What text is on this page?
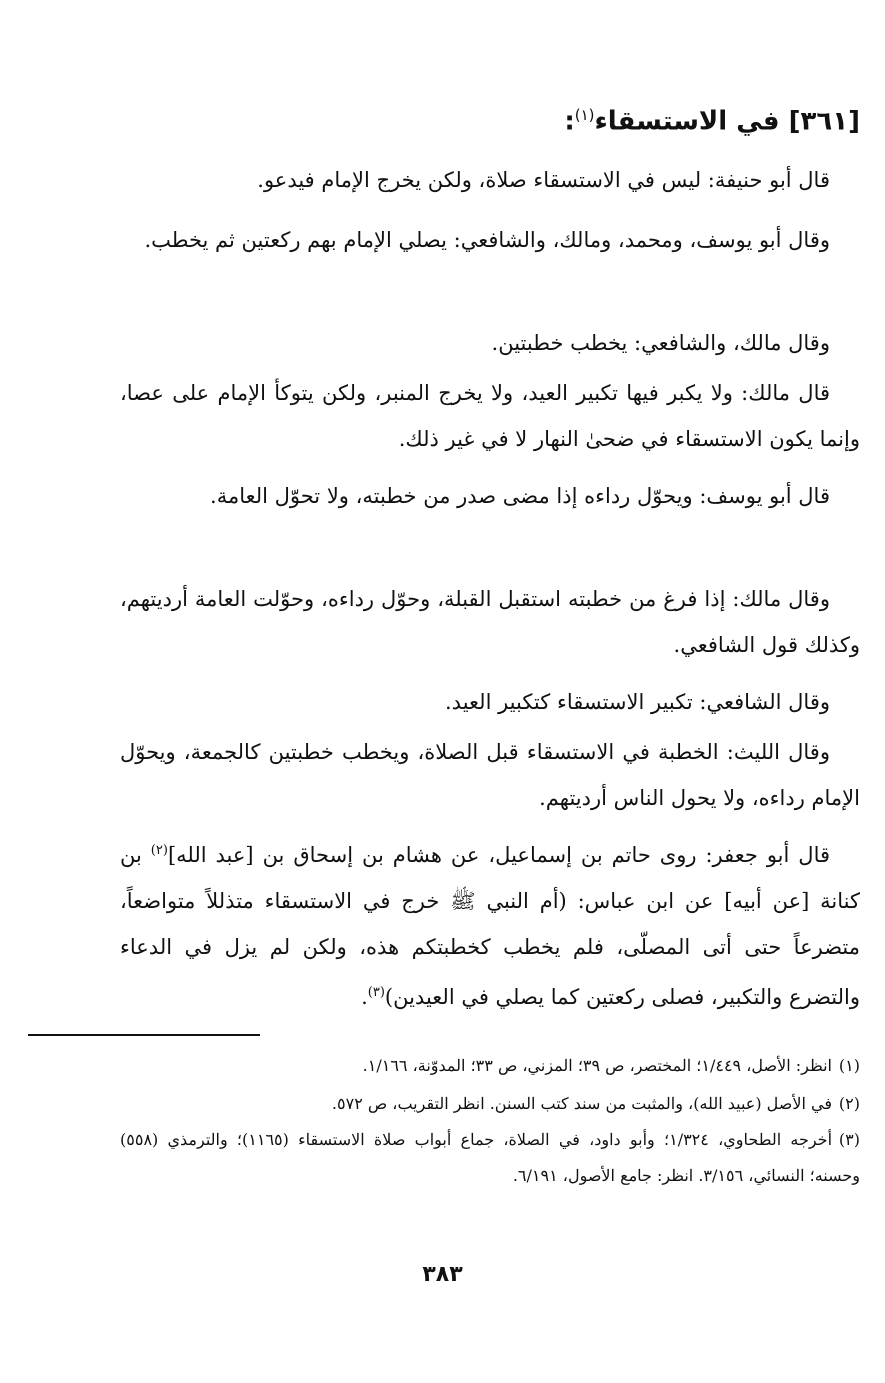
[٣٦١] في الاستسقاء$^{(١)}$:

قال أبو حنيفة: ليس في الاستسقاء صلاة، ولكن يخرج الإمام فيدعو.

وقال أبو يوسف، ومحمد، ومالك، والشافعي: يصلي الإمام بهم ركعتين ثم يخطب.

وقال مالك، والشافعي: يخطب خطبتين.

قال مالك: ولا يكبر فيها تكبير العيد، ولا يخرج المنبر، ولكن يتوكأ الإمام على عصا، وإنما يكون الاستسقاء في ضحىٰ النهار لا في غير ذلك.

قال أبو يوسف: ويحوّل رداءه إذا مضى صدر من خطبته، ولا تحوّل العامة.

وقال مالك: إذا فرغ من خطبته استقبل القبلة، وحوّل رداءه، وحوّلت العامة أرديتهم، وكذلك قول الشافعي.

وقال الشافعي: تكبير الاستسقاء كتكبير العيد.

وقال الليث: الخطبة في الاستسقاء قبل الصلاة، ويخطب خطبتين كالجمعة، ويحوّل الإمام رداءه، ولا يحول الناس أرديتهم.

قال أبو جعفر: روى حاتم بن إسماعيل، عن هشام بن إسحاق بن [عبد الله]$^{(٢)}$ بن كنانة [عن أبيه] عن ابن عباس: (أم النبي ﷺ خرج في الاستسقاء متذللاً متواضعاً، متضرعاً حتى أتى المصلّى، فلم يخطب كخطبتكم هذه، ولكن لم يزل في الدعاء والتضرع والتكبير، فصلى ركعتين كما يصلي في العيدين)$^{(٣)}$.

(١)انظر: الأصل، ١/٤٤٩؛ المختصر، ص ٣٩؛ المزني، ص ٣٣؛ المدوّنة، ١/١٦٦.
(٢)في الأصل (عبيد الله)، والمثبت من سند كتب السنن. انظر التقريب، ص ٥٧٢.
(٣)أخرجه الطحاوي، ١/٣٢٤؛ وأبو داود، في الصلاة، جماع أبواب صلاة الاستسقاء (١١٦٥)؛ والترمذي (٥٥٨) وحسنه؛ النسائي، ٣/١٥٦. انظر: جامع الأصول، ٦/١٩١.
٣٨٣
